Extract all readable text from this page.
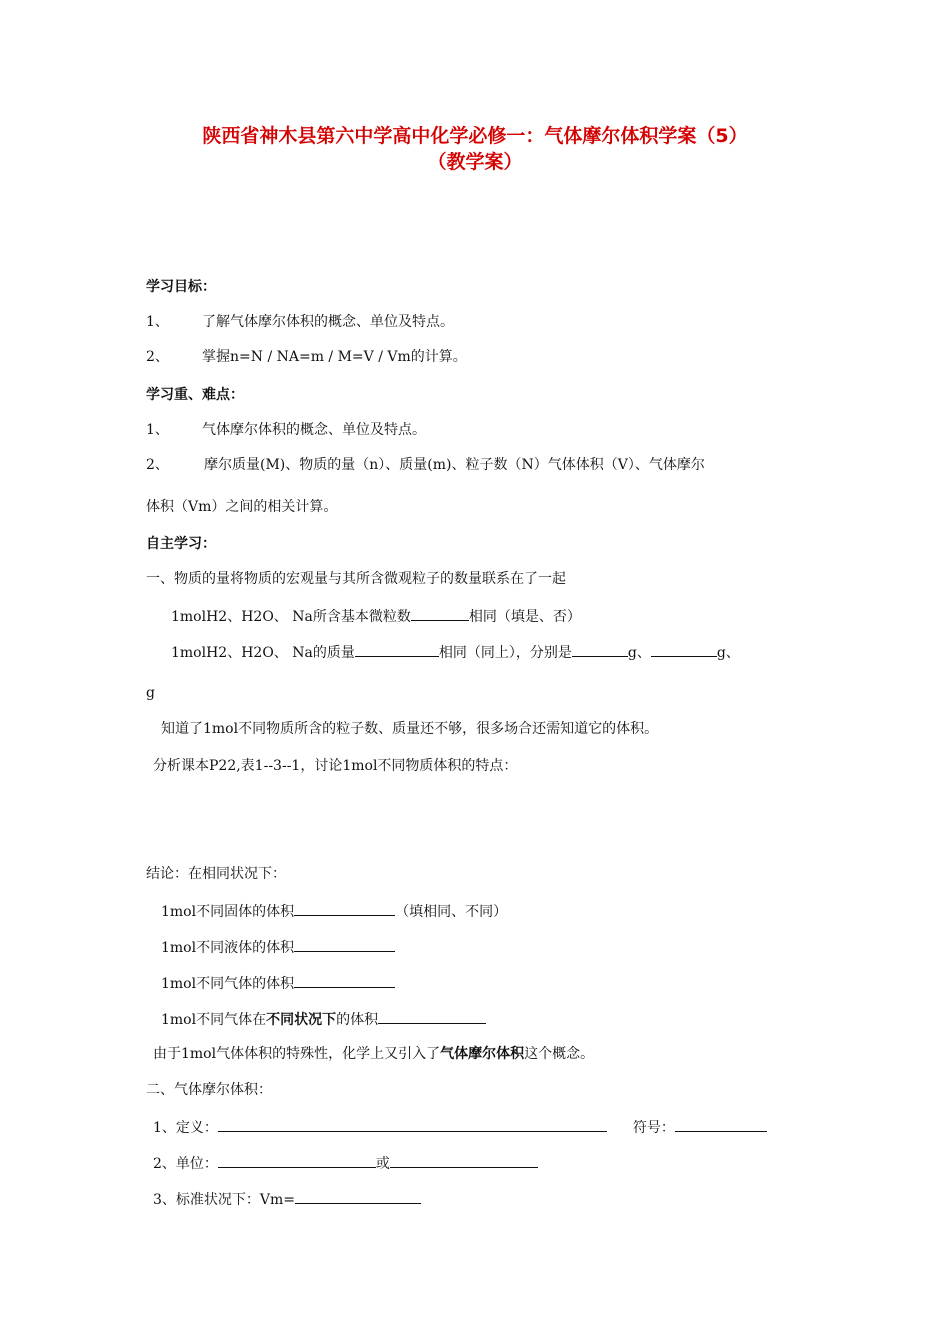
陕西省神木县第六中学高中化学必修一：气体摩尔体积学案（5）
（教学案）
学习目标：
1、 了解气体摩尔体积的概念、单位及特点。
2、 掌握n=N / NA=m / M=V / Vm的计算。
学习重、难点：
1、 气体摩尔体积的概念、单位及特点。
2、	摩尔质量(M)、物质的量（n）、质量(m)、粒子数（N）气体体积（V）、气体摩尔
体积（Vm）之间的相关计算。
自主学习：
一、物质的量将物质的宏观量与其所含微观粒子的数量联系在了一起
1molH2、H2O、 Na所含基本微粒数	相同（填是、否）
1molH2、H2O、 Na的质量	相同（同上），分别是	g、	g、
g
知道了1mol不同物质所含的粒子数、质量还不够，很多场合还需知道它的体积。
分析课本P22,表1--3--1，讨论1mol不同物质体积的特点：
结论：在相同状况下：
1mol不同固体的体积	（填相同、不同）
1mol不同液体的体积
1mol不同气体的体积
1mol不同气体在不同状况下的体积
由于1mol气体体积的特殊性，化学上又引入了气体摩尔体积这个概念。
二、气体摩尔体积：
1、定义：	符号：
2、单位：	或
3、标准状况下：Vm=
